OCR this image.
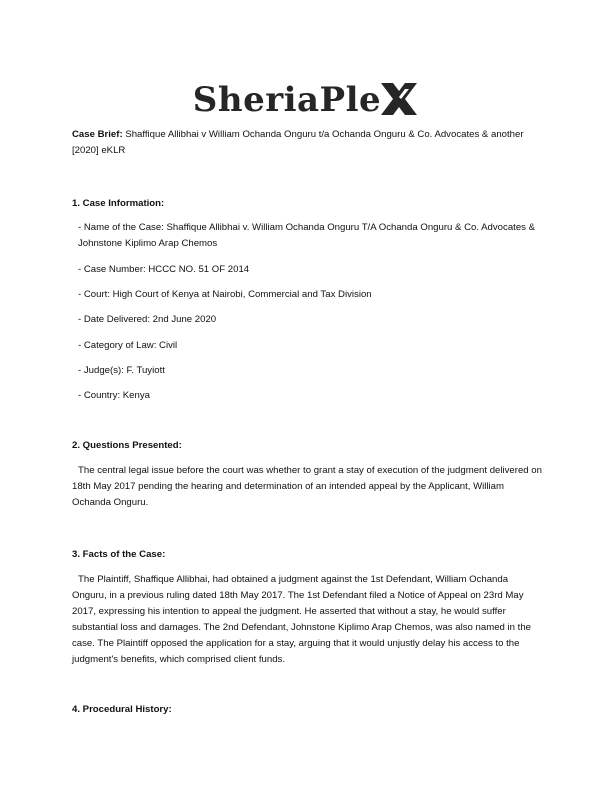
SheriaPle
Case Brief: Shaffique Allibhai v William Ochanda Onguru t/a Ochanda Onguru & Co. Advocates & another [2020] eKLR
1. Case Information:
- Name of the Case: Shaffique Allibhai v. William Ochanda Onguru T/A Ochanda Onguru & Co. Advocates & Johnstone Kiplimo Arap Chemos
- Case Number: HCCC NO. 51 OF 2014
- Court: High Court of Kenya at Nairobi, Commercial and Tax Division
- Date Delivered: 2nd June 2020
- Category of Law: Civil
- Judge(s): F. Tuyiott
- Country: Kenya
2. Questions Presented:
The central legal issue before the court was whether to grant a stay of execution of the judgment delivered on 18th May 2017 pending the hearing and determination of an intended appeal by the Applicant, William Ochanda Onguru.
3. Facts of the Case:
The Plaintiff, Shaffique Allibhai, had obtained a judgment against the 1st Defendant, William Ochanda Onguru, in a previous ruling dated 18th May 2017. The 1st Defendant filed a Notice of Appeal on 23rd May 2017, expressing his intention to appeal the judgment. He asserted that without a stay, he would suffer substantial loss and damages. The 2nd Defendant, Johnstone Kiplimo Arap Chemos, was also named in the case. The Plaintiff opposed the application for a stay, arguing that it would unjustly delay his access to the judgment's benefits, which comprised client funds.
4. Procedural History:
